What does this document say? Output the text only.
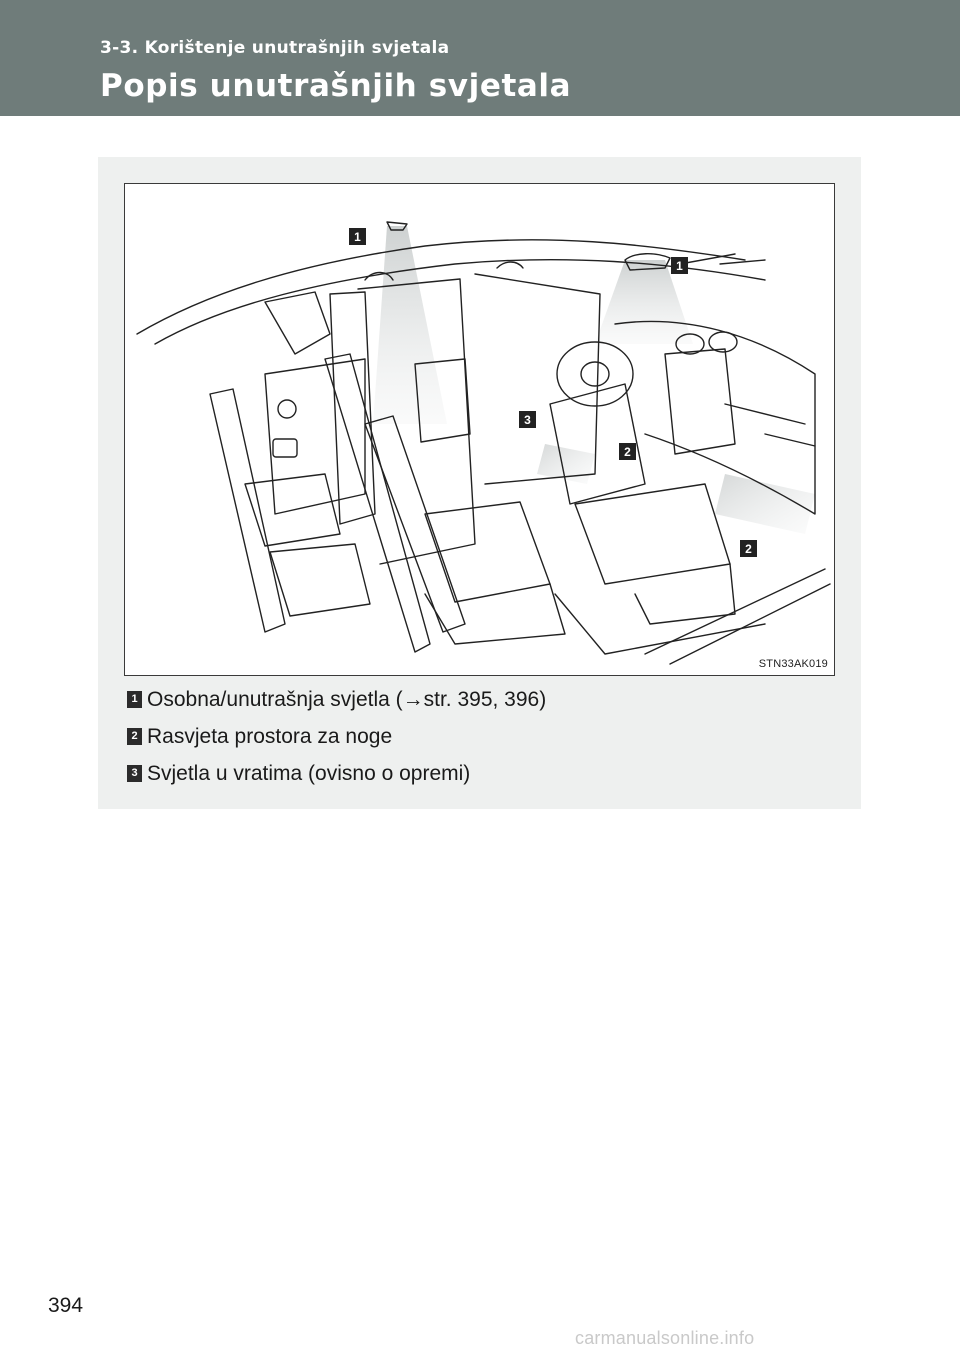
3-3. Korištenje unutrašnjih svjetala
Popis unutrašnjih svjetala
1
1
3
2
2
STN33AK019
1 Osobna/unutrašnja svjetla (→str. 395, 396)
2 Rasvjeta prostora za noge
3 Svjetla u vratima (ovisno o opremi)
394
carmanualsonline.info
